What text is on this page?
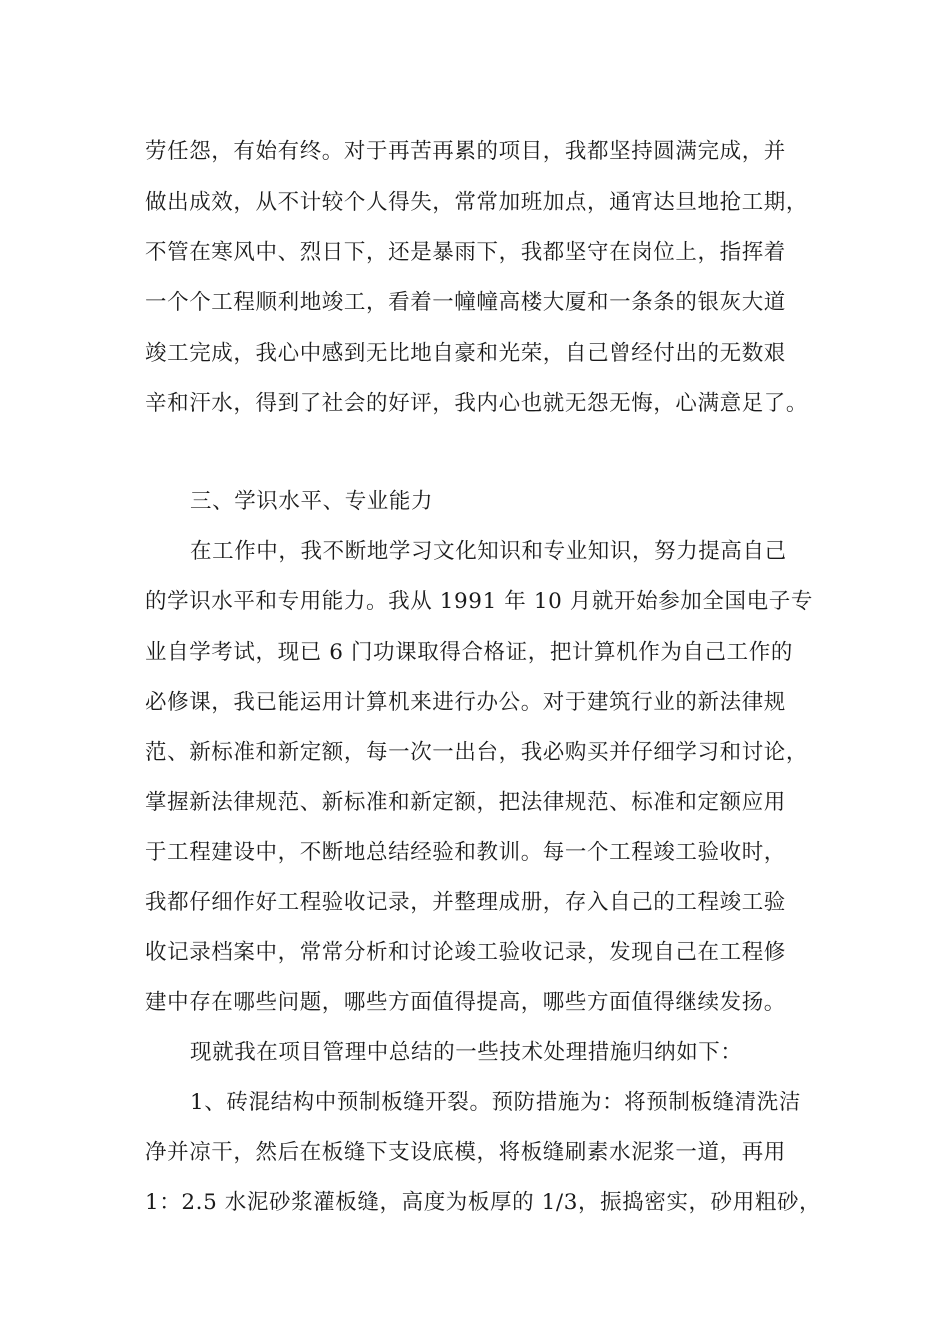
劳任怨，有始有终。对于再苦再累的项目，我都坚持圆满完成，并
做出成效，从不计较个人得失，常常加班加点，通宵达旦地抢工期，
不管在寒风中、烈日下，还是暴雨下，我都坚守在岗位上，指挥着
一个个工程顺利地竣工，看着一幢幢高楼大厦和一条条的银灰大道
竣工完成，我心中感到无比地自豪和光荣，自己曾经付出的无数艰
辛和汗水，得到了社会的好评，我内心也就无怨无悔，心满意足了。
三、学识水平、专业能力
在工作中，我不断地学习文化知识和专业知识，努力提高自己
的学识水平和专用能力。我从 1991 年 10 月就开始参加全国电子专
业自学考试，现已 6 门功课取得合格证，把计算机作为自己工作的
必修课，我已能运用计算机来进行办公。对于建筑行业的新法律规
范、新标准和新定额，每一次一出台，我必购买并仔细学习和讨论，
掌握新法律规范、新标准和新定额，把法律规范、标准和定额应用
于工程建设中，不断地总结经验和教训。每一个工程竣工验收时，
我都仔细作好工程验收记录，并整理成册，存入自己的工程竣工验
收记录档案中，常常分析和讨论竣工验收记录，发现自己在工程修
建中存在哪些问题，哪些方面值得提高，哪些方面值得继续发扬。
现就我在项目管理中总结的一些技术处理措施归纳如下：
1、砖混结构中预制板缝开裂。预防措施为：将预制板缝清洗洁
净并凉干，然后在板缝下支设底模，将板缝刷素水泥浆一道，再用
1：2.5 水泥砂浆灌板缝，高度为板厚的 1/3，振捣密实，砂用粗砂，
